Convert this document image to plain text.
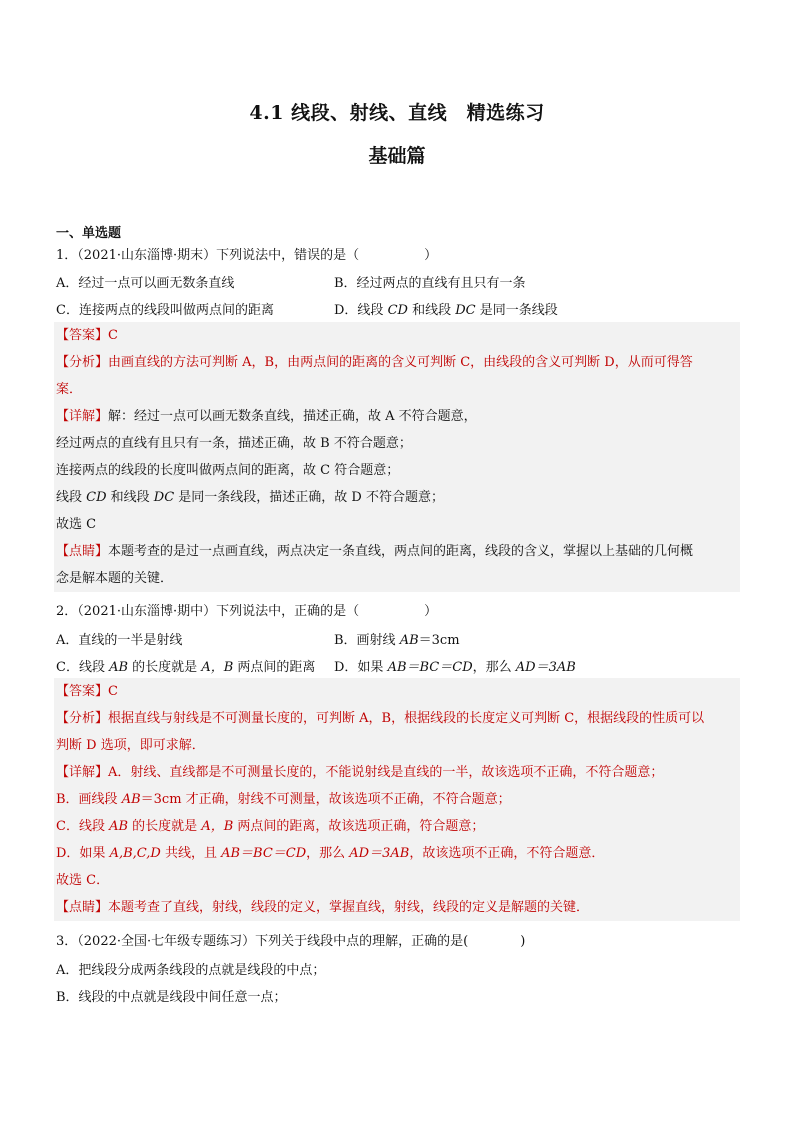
4.1 线段、射线、直线　精选练习
基础篇
一、单选题
1．（2021·山东淄博·期末）下列说法中，错误的是（　　　　　）
A．经过一点可以画无数条直线	B．经过两点的直线有且只有一条
C．连接两点的线段叫做两点间的距离	D．线段 CD 和线段 DC 是同一条线段
【答案】C
【分析】由画直线的方法可判断 A，B，由两点间的距离的含义可判断 C，由线段的含义可判断 D，从而可得答
案．
【详解】解：经过一点可以画无数条直线，描述正确，故 A 不符合题意，
经过两点的直线有且只有一条，描述正确，故 B 不符合题意；
连接两点的线段的长度叫做两点间的距离，故 C 符合题意；
线段 CD 和线段 DC 是同一条线段，描述正确，故 D 不符合题意；
故选 C
【点睛】本题考查的是过一点画直线，两点决定一条直线，两点间的距离，线段的含义，掌握以上基础的几何概
念是解本题的关键．
2．（2021·山东淄博·期中）下列说法中，正确的是（　　　　　）
A．直线的一半是射线	B．画射线 AB＝3cm
C．线段 AB 的长度就是 A，B 两点间的距离 D．如果 AB＝BC＝CD，那么 AD＝3AB
【答案】C
【分析】根据直线与射线是不可测量长度的，可判断 A，B，根据线段的长度定义可判断 C，根据线段的性质可以
判断 D 选项，即可求解．
【详解】A．射线、直线都是不可测量长度的，不能说射线是直线的一半，故该选项不正确，不符合题意；
B．画线段 AB＝3cm 才正确，射线不可测量，故该选项不正确，不符合题意；
C．线段 AB 的长度就是 A，B 两点间的距离，故该选项正确，符合题意；
D．如果 A,B,C,D 共线，且 AB＝BC＝CD，那么 AD＝3AB，故该选项不正确，不符合题意．
故选 C．
【点睛】本题考查了直线，射线，线段的定义，掌握直线，射线，线段的定义是解题的关键．
3．（2022·全国·七年级专题练习）下列关于线段中点的理解，正确的是(　　　　)
A．把线段分成两条线段的点就是线段的中点；
B．线段的中点就是线段中间任意一点；
